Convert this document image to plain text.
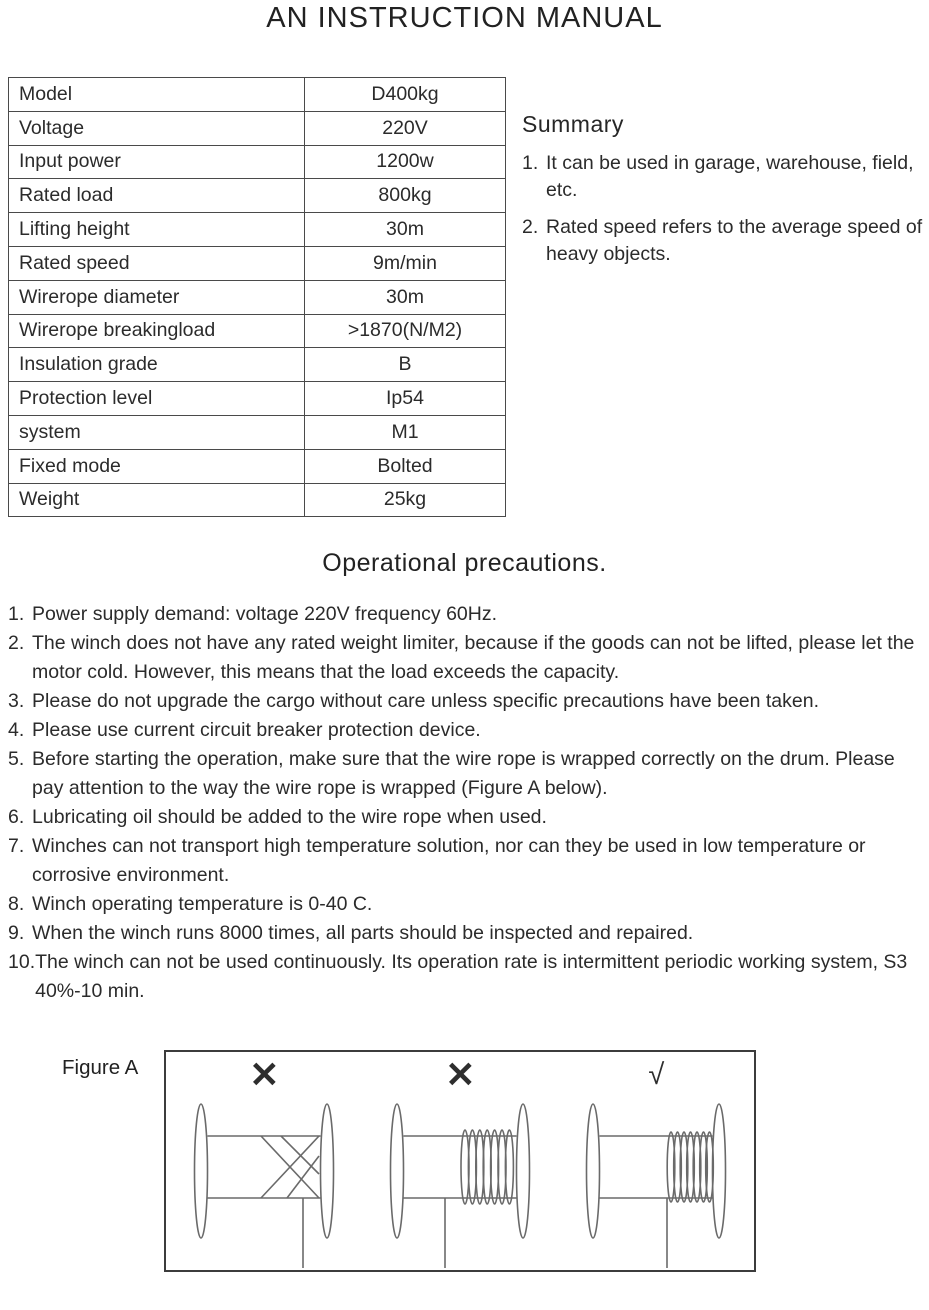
AN INSTRUCTION MANUAL
Model	D400kg
Voltage	220V
Input power	1200w
Rated load	800kg
Lifting height	30m
Rated speed	9m/min
Wirerope diameter	30m
Wirerope breakingload	>1870(N/M2)
Insulation grade	B
Protection level	Ip54
system	M1
Fixed mode	Bolted
Weight	25kg
Summary
1. It can be used in garage, warehouse, field, etc.
2. Rated speed refers to the average speed of heavy objects.
Operational precautions.
1. Power supply demand: voltage 220V frequency 60Hz.
2. The winch does not have any rated weight limiter, because if the goods can not be lifted, please let the motor cold. However, this means that the load exceeds the capacity.
3. Please do not upgrade the cargo without care unless specific precautions have been taken.
4. Please use current circuit breaker protection device.
5. Before starting the operation, make sure that the wire rope is wrapped correctly on the drum. Please pay attention to the way the wire rope is wrapped (Figure A below).
6. Lubricating oil should be added to the wire rope when used.
7. Winches can not transport high temperature solution, nor can they be used in low temperature or corrosive environment.
8. Winch operating temperature is 0-40 C.
9. When the winch runs 8000 times, all parts should be inspected and repaired.
10. The winch can not be used continuously. Its operation rate is intermittent periodic working system, S3 40%-10 min.
Figure A	✕	✕	√
